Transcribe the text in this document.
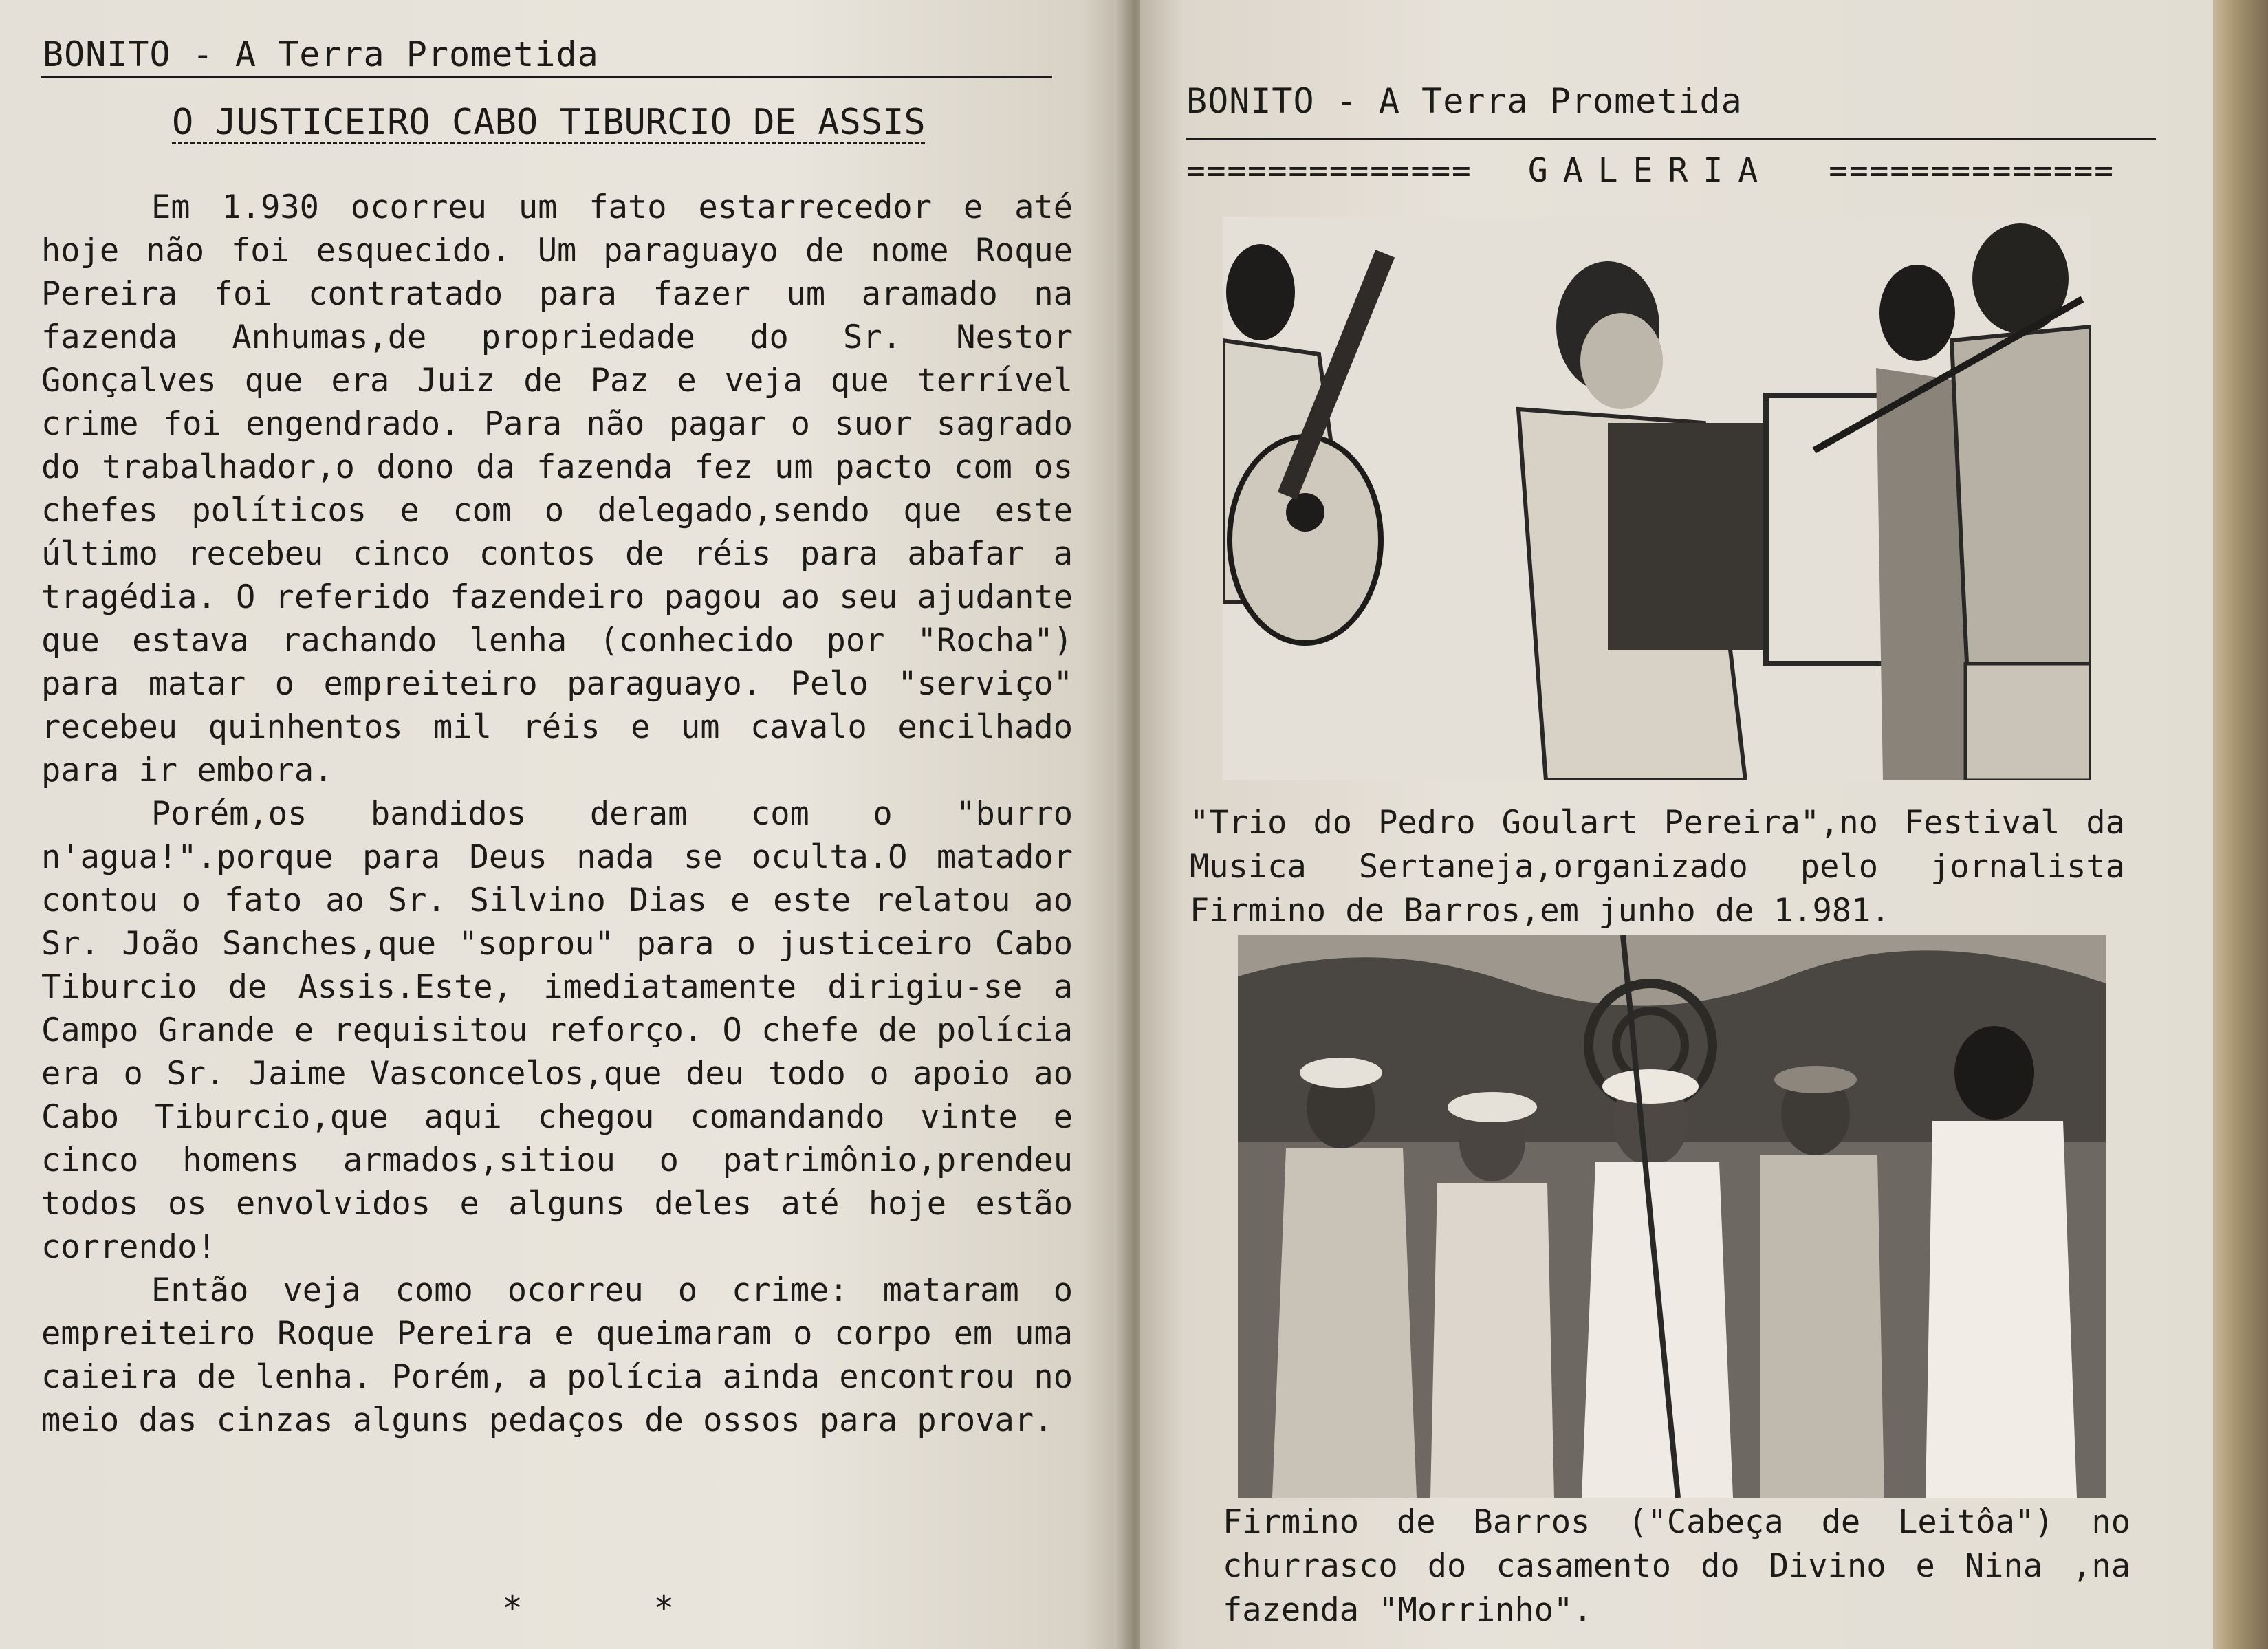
BONITO - A Terra Prometida
O JUSTICEIRO CABO TIBURCIO DE ASSIS

Em 1.930 ocorreu um fato estarrecedor e até hoje não foi esquecido. Um paraguayo de nome Roque Pereira foi contratado para fazer um aramado na fazenda Anhumas,de propriedade do Sr. Nestor Gonçalves que era Juiz de Paz e veja que terrível crime foi engendrado. Para não pagar o suor sagrado do trabalhador,o dono da fazenda fez um pacto com os chefes políticos e com o delegado,sendo que este último recebeu cinco contos de réis para abafar a tragédia. O referido fazendeiro pagou ao seu ajudante que estava rachando lenha (conhecido por "Rocha") para matar o empreiteiro paraguayo. Pelo "serviço" recebeu quinhentos mil réis e um cavalo encilhado para ir embora.

Porém,os bandidos deram com o "burro n'agua!".porque para Deus nada se oculta.O matador contou o fato ao Sr. Silvino Dias e este relatou ao Sr. João Sanches,que "soprou" para o justiceiro Cabo Tiburcio de Assis.Este, imediatamente dirigiu-se a Campo Grande e requisitou reforço. O chefe de polícia era o Sr. Jaime Vasconcelos,que deu todo o apoio ao Cabo Tiburcio,que aqui chegou comandando vinte e cinco homens armados,sitiou o patrimônio,prendeu todos os envolvidos e alguns deles até hoje estão correndo!

Então veja como ocorreu o crime: mataram o empreiteiro Roque Pereira e queimaram o corpo em uma caieira de lenha. Porém, a polícia ainda encontrou no meio das cinzas alguns pedaços de ossos para provar.

* *
BONITO - A Terra Prometida
============== GALERIA ==============
"Trio do Pedro Goulart Pereira",no Festival da Musica Sertaneja,organizado pelo jornalista Firmino de Barros,em junho de 1.981.
Firmino de Barros ("Cabeça de Leitôa") no churrasco do casamento do Divino e Nina ,na fazenda "Morrinho".
